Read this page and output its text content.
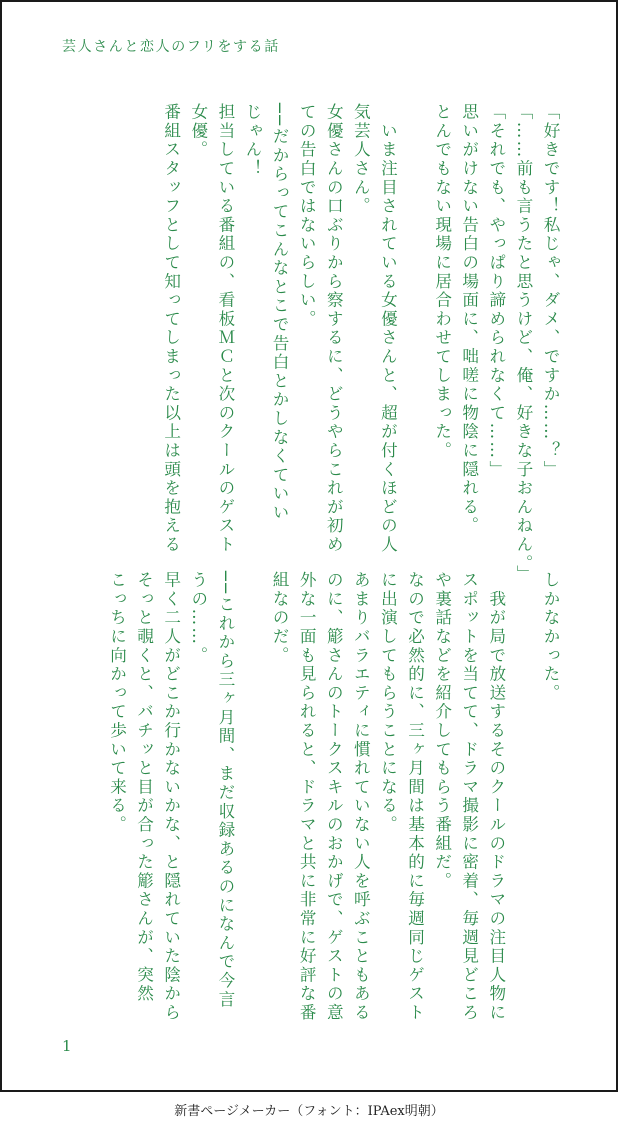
芸人さんと恋人のフリをする話
「好きです！私じゃ、ダメ、ですか……？」
「……前も言うたと思うけど、俺、好きな子おんねん。」
「それでも、やっぱり諦められなくて……」
思いがけない告白の場面に、咄嗟に物陰に隠れる。
とんでもない現場に居合わせてしまった。

　いま注目されている女優さんと、超が付くほどの人
気芸人さん。
女優さんの口ぶりから察するに、どうやらこれが初め
ての告白ではないらしい。
──だからってこんなとこで告白とかしなくていい
じゃん！
担当している番組の、看板ＭＣと次のクールのゲスト
女優。
番組スタッフとして知ってしまった以上は頭を抱える
しかなかった。

　我が局で放送するそのクールのドラマの注目人物に
スポットを当てて、ドラマ撮影に密着、毎週見どころ
や裏話などを紹介してもらう番組だ。
なので必然的に、三ヶ月間は基本的に毎週同じゲスト
に出演してもらうことになる。
あまりバラエティに慣れていない人を呼ぶこともある
のに、簓さんのトークスキルのおかげで、ゲストの意
外な一面も見られると、ドラマと共に非常に好評な番
組なのだ。

──これから三ヶ月間、まだ収録あるのになんで今言
うの……。
早く二人がどこか行かないかな、と隠れていた陰から
そっと覗くと、バチッと目が合った簓さんが、突然
こっちに向かって歩いて来る。
1
新書ページメーカー（フォント：IPAex明朝）
